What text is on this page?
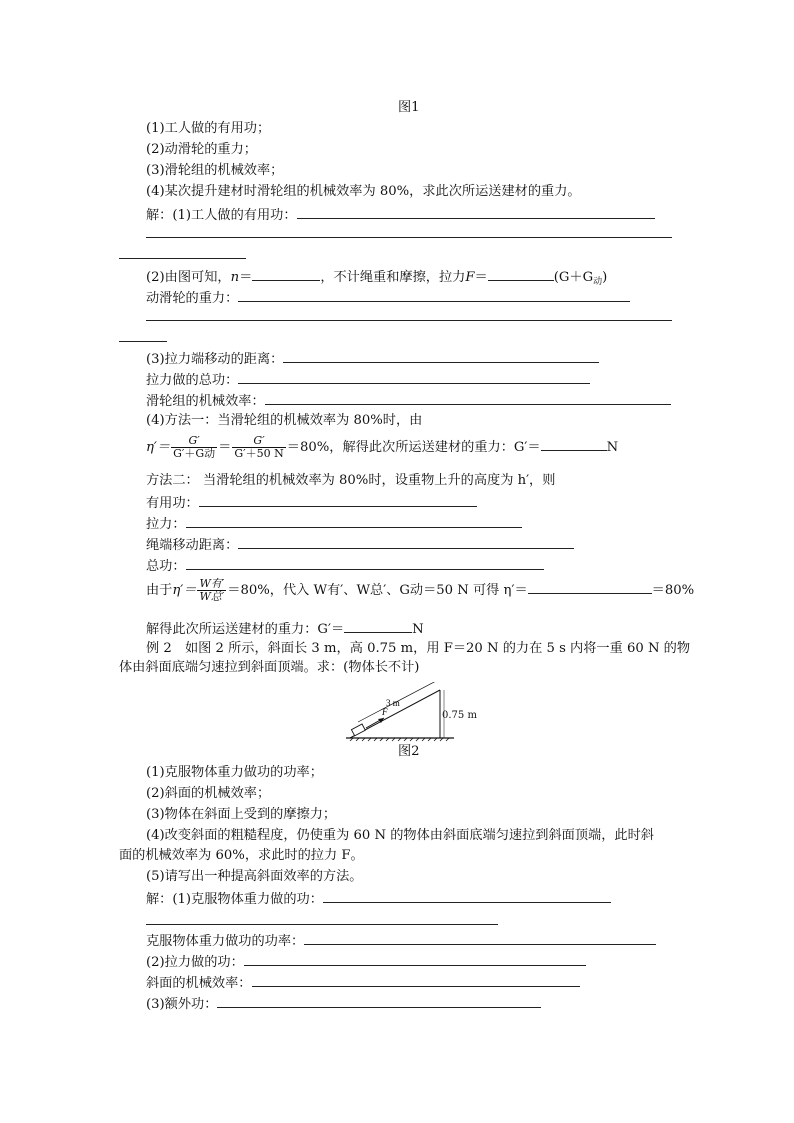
图1
(1)工人做的有用功；
(2)动滑轮的重力；
(3)滑轮组的机械效率；
(4)某次提升建材时滑轮组的机械效率为 80%，求此次所运送建材的重力。
解：(1)工人做的有用功：
(2)由图可知，n＝	，不计绳重和摩擦，拉力F＝	$(G+G_动)$
动滑轮的重力：
(3)拉力端移动的距离：
拉力做的总功：
滑轮组的机械效率：
(4)方法一：当滑轮组的机械效率为 80%时，由
$\eta'= \frac{G'}{\text{G′＋G动}} = \frac{G'}{G'+50 N} =80\%$，解得此次所运送建材的重力：G′＝	N
方法二： 当滑轮组的机械效率为 80%时，设重物上升的高度为 h′，则
有用功：
拉力：
绳端移动距离：
总功：
由于$\eta'= \frac{\text{W有′}}{\text{W总′}} =80\%$，代入 W有′、W总′、G动＝50 N 可得 η′＝	＝80%
解得此次所运送建材的重力：G′＝	N
例 2　如图 2 所示，斜面长 3 m，高 0.75 m，用 F＝20 N 的力在 5 s 内将一重 60 N 的物
体由斜面底端匀速拉到斜面顶端。求：(物体长不计)
F
3 m
0.75 m
图2
(1)克服物体重力做功的功率；
(2)斜面的机械效率；
(3)物体在斜面上受到的摩擦力；
(4)改变斜面的粗糙程度，仍使重为 60 N 的物体由斜面底端匀速拉到斜面顶端，此时斜
面的机械效率为 60%，求此时的拉力 F。
(5)请写出一种提高斜面效率的方法。
解：(1)克服物体重力做的功：
克服物体重力做功的功率：
(2)拉力做的功：
斜面的机械效率：
(3)额外功：
